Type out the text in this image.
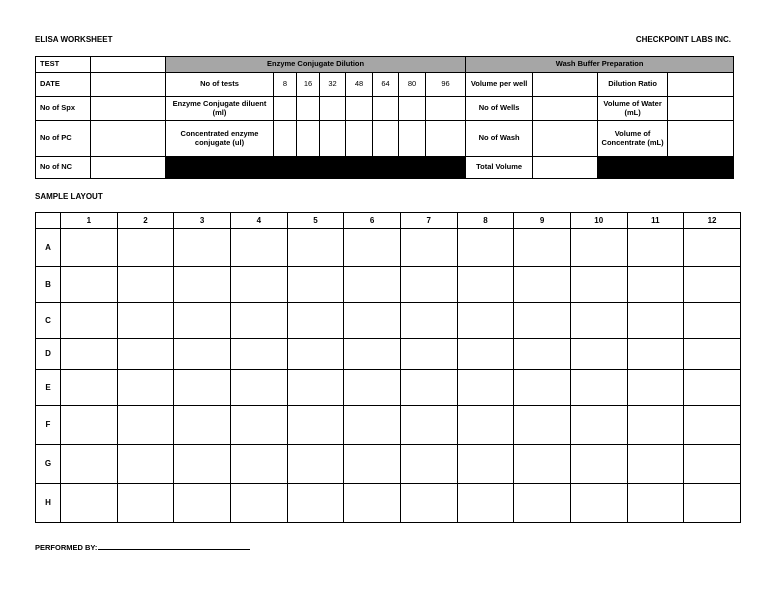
ELISA WORKSHEET	CHECKPOINT LABS INC.
TEST		Enzyme Conjugate Dilution								Wash Buffer Preparation			
DATE		No of tests	8	16	32	48	64	80	96	Volume per well		Dilution Ratio	
No of Spx		Enzyme Conjugate diluent (ml)								No of Wells		Volume of Water (mL)	
No of PC		Concentrated enzyme conjugate (ul)								No of Wash		Volume of Concentrate (mL)	
No of NC										Total Volume			
SAMPLE LAYOUT
	1	2	3	4	5	6	7	8	9	10	11	12
A												
B												
C												
D												
E												
F												
G												
H												
PERFORMED BY:
